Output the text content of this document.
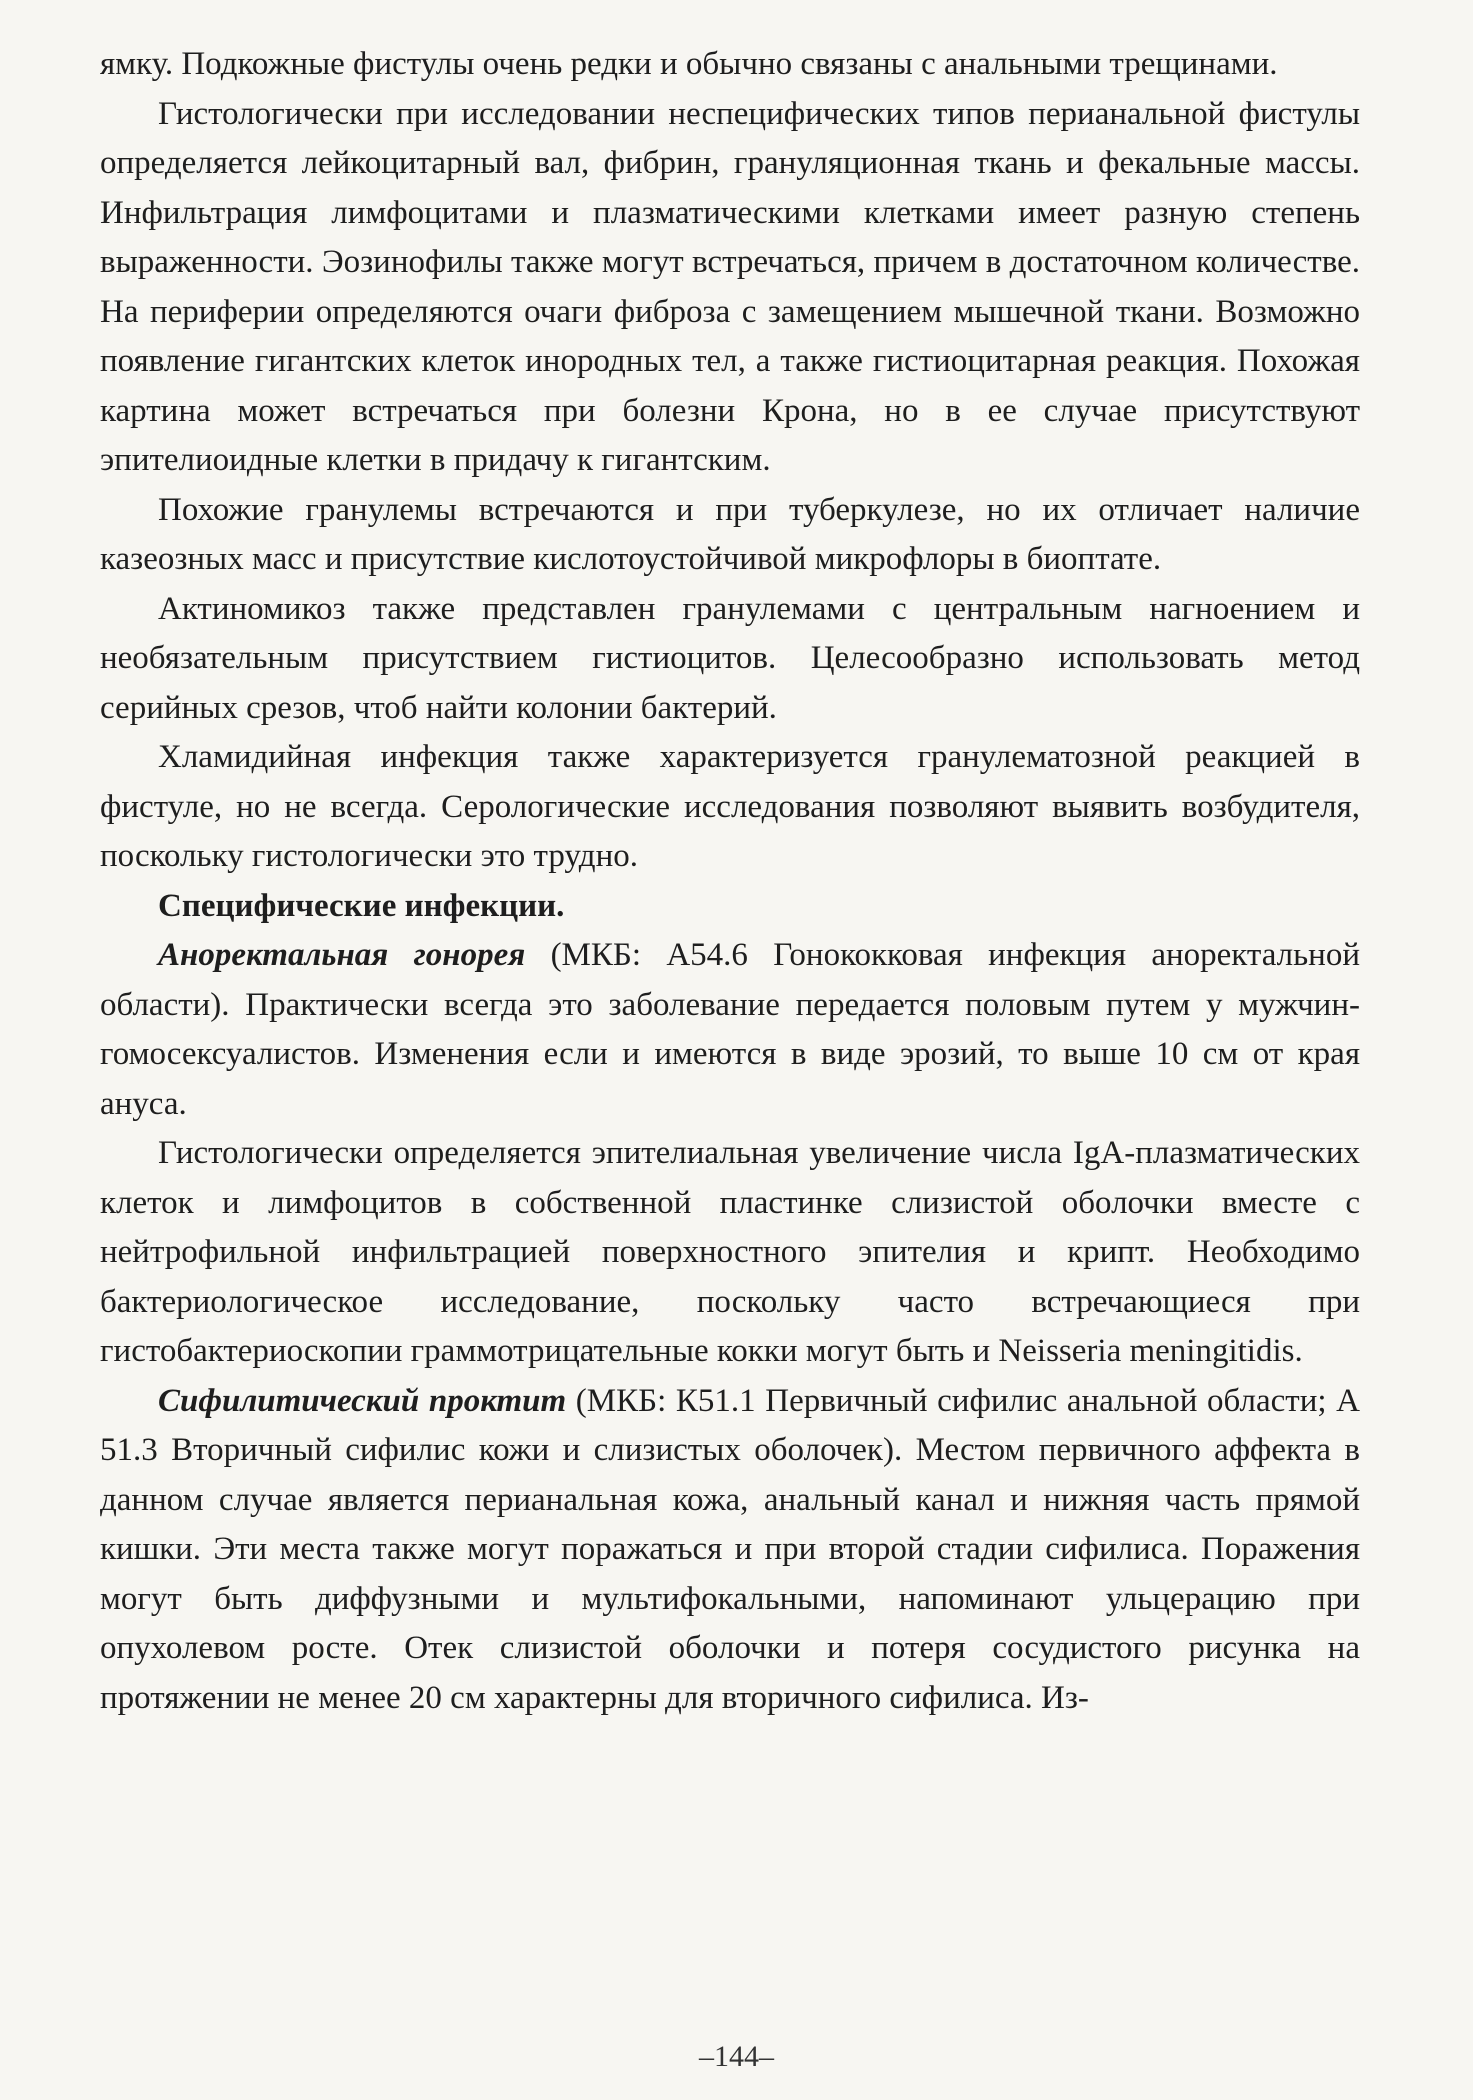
ямку. Подкожные фистулы очень редки и обычно связаны с анальными трещинами.

Гистологически при исследовании неспецифических типов перианальной фистулы определяется лейкоцитарный вал, фибрин, грануляционная ткань и фекальные массы. Инфильтрация лимфоцитами и плазматическими клетками имеет разную степень выраженности. Эозинофилы также могут встречаться, причем в достаточном количестве. На периферии определяются очаги фиброза с замещением мышечной ткани. Возможно появление гигантских клеток инородных тел, а также гистиоцитарная реакция. Похожая картина может встречаться при болезни Крона, но в ее случае присутствуют эпителиоидные клетки в придачу к гигантским.

Похожие гранулемы встречаются и при туберкулезе, но их отличает наличие казеозных масс и присутствие кислотоустойчивой микрофлоры в биоптате.

Актиномикоз также представлен гранулемами с центральным нагноением и необязательным присутствием гистиоцитов. Целесообразно использовать метод серийных срезов, чтоб найти колонии бактерий.

Хламидийная инфекция также характеризуется гранулематозной реакцией в фистуле, но не всегда. Серологические исследования позволяют выявить возбудителя, поскольку гистологически это трудно.

Специфические инфекции.

Аноректальная гонорея (МКБ: А54.6 Гонококковая инфекция аноректальной области). Практически всегда это заболевание передается половым путем у мужчин-гомосексуалистов. Изменения если и имеются в виде эрозий, то выше 10 см от края ануса.

Гистологически определяется эпителиальная увеличение числа IgA-плазматических клеток и лимфоцитов в собственной пластинке слизистой оболочки вместе с нейтрофильной инфильтрацией поверхностного эпителия и крипт. Необходимо бактериологическое исследование, поскольку часто встречающиеся при гистобактериоскопии граммотрицательные кокки могут быть и Neisseria meningitidis.

Сифилитический проктит (МКБ: К51.1 Первичный сифилис анальной области; А 51.3 Вторичный сифилис кожи и слизистых оболочек). Местом первичного аффекта в данном случае является перианальная кожа, анальный канал и нижняя часть прямой кишки. Эти места также могут поражаться и при второй стадии сифилиса. Поражения могут быть диффузными и мультифокальными, напоминают ульцерацию при опухолевом росте. Отек слизистой оболочки и потеря сосудистого рисунка на протяжении не менее 20 см характерны для вторичного сифилиса. Из-

–144–
